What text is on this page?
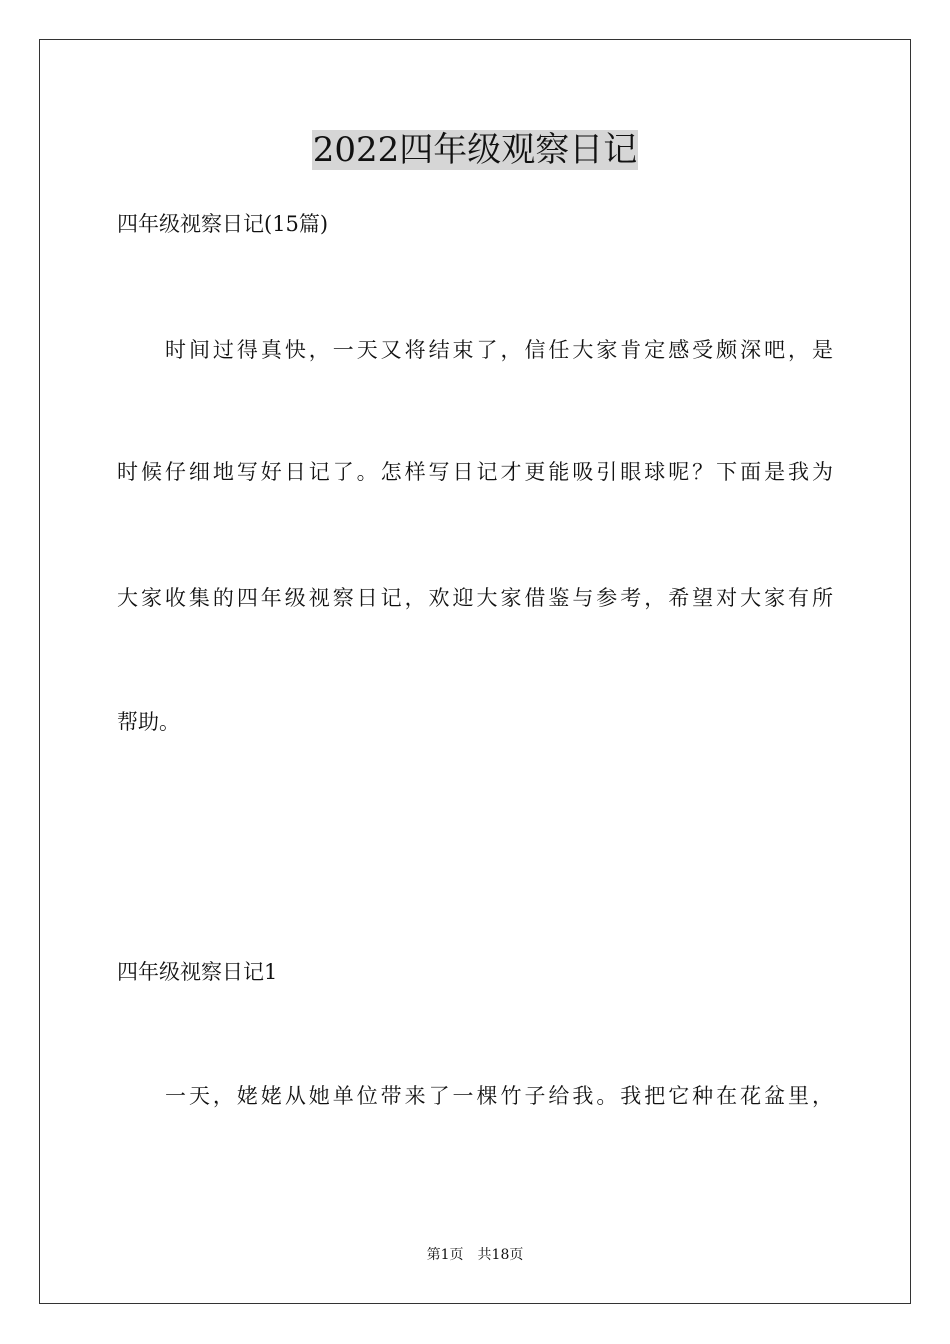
2022四年级观察日记

四年级视察日记(15篇)

时间过得真快，一天又将结束了，信任大家肯定感受颇深吧，是

时候仔细地写好日记了。怎样写日记才更能吸引眼球呢？下面是我为

大家收集的四年级视察日记，欢迎大家借鉴与参考，希望对大家有所

帮助。

四年级视察日记1

一天，姥姥从她单位带来了一棵竹子给我。我把它种在花盆里，

第1页 共18页
